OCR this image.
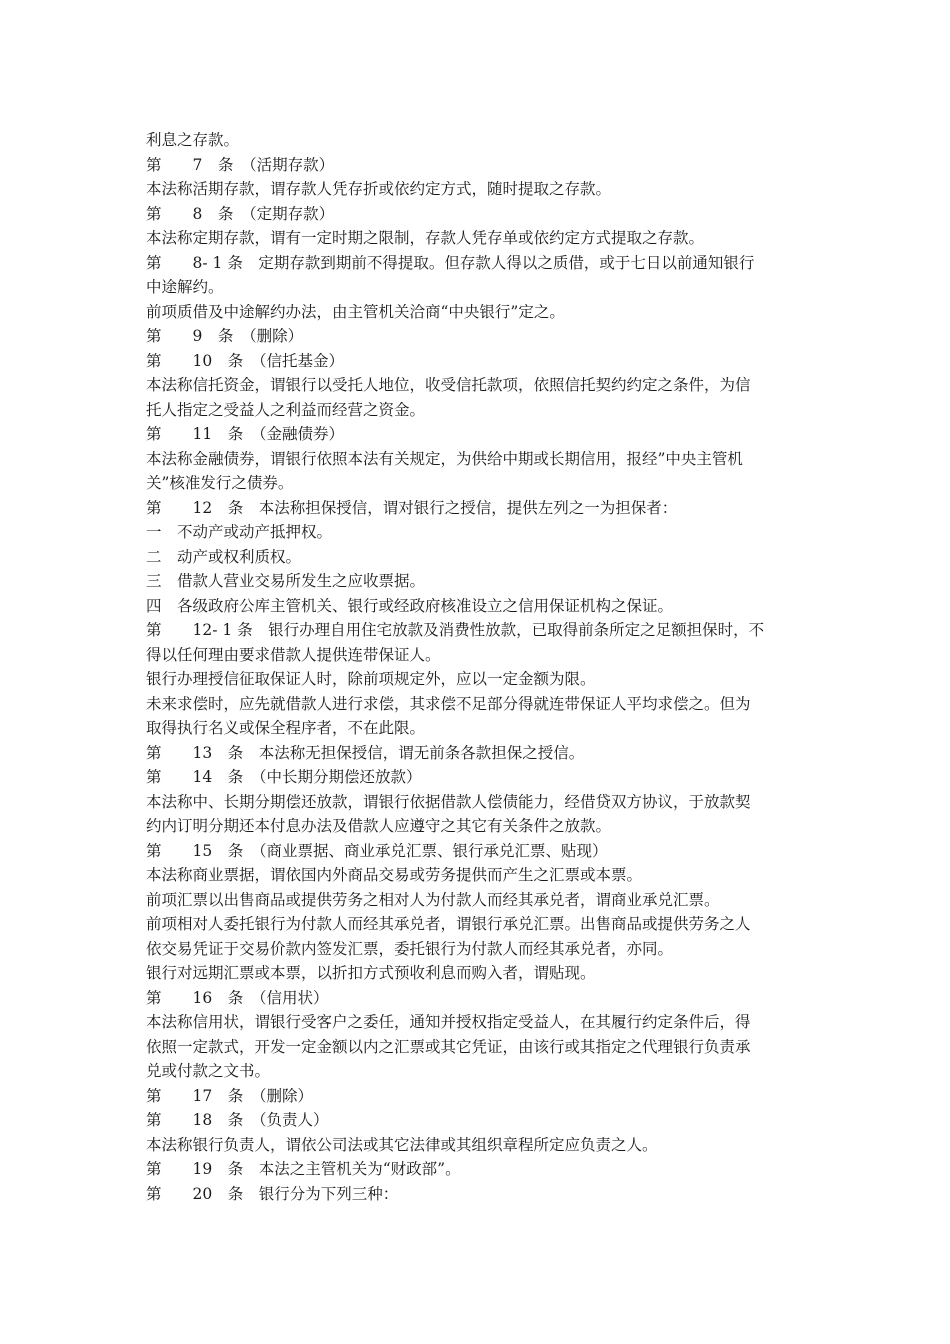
利息之存款。
第　　7　条　（活期存款）
本法称活期存款，谓存款人凭存折或依约定方式，随时提取之存款。
第　　8　条　（定期存款）
本法称定期存款，谓有一定时期之限制，存款人凭存单或依约定方式提取之存款。
第　　8- 1 条　定期存款到期前不得提取。但存款人得以之质借，或于七日以前通知银行
中途解约。
前项质借及中途解约办法，由主管机关洽商“中央银行”定之。
第　　9　条　（删除）
第　　10　条　（信托基金）
本法称信托资金，谓银行以受托人地位，收受信托款项，依照信托契约约定之条件，为信
托人指定之受益人之利益而经营之资金。
第　　11　条　（金融债券）
本法称金融债券，谓银行依照本法有关规定，为供给中期或长期信用，报经”中央主管机
关”核准发行之债券。
第　　12　条　本法称担保授信，谓对银行之授信，提供左列之一为担保者：
一　不动产或动产抵押权。
二　动产或权利质权。
三　借款人营业交易所发生之应收票据。
四　各级政府公库主管机关、银行或经政府核准设立之信用保证机构之保证。
第　　12- 1 条　银行办理自用住宅放款及消费性放款，已取得前条所定之足额担保时，不
得以任何理由要求借款人提供连带保证人。
银行办理授信征取保证人时，除前项规定外，应以一定金额为限。
未来求偿时，应先就借款人进行求偿，其求偿不足部分得就连带保证人平均求偿之。但为
取得执行名义或保全程序者，不在此限。
第　　13　条　本法称无担保授信，谓无前条各款担保之授信。
第　　14　条　（中长期分期偿还放款）
本法称中、长期分期偿还放款，谓银行依据借款人偿债能力，经借贷双方协议，于放款契
约内订明分期还本付息办法及借款人应遵守之其它有关条件之放款。
第　　15　条　（商业票据、商业承兑汇票、银行承兑汇票、贴现）
本法称商业票据，谓依国内外商品交易或劳务提供而产生之汇票或本票。
前项汇票以出售商品或提供劳务之相对人为付款人而经其承兑者，谓商业承兑汇票。
前项相对人委托银行为付款人而经其承兑者，谓银行承兑汇票。出售商品或提供劳务之人
依交易凭证于交易价款内签发汇票，委托银行为付款人而经其承兑者，亦同。
银行对远期汇票或本票，以折扣方式预收利息而购入者，谓贴现。
第　　16　条　（信用状）
本法称信用状，谓银行受客户之委任，通知并授权指定受益人，在其履行约定条件后，得
依照一定款式，开发一定金额以内之汇票或其它凭证，由该行或其指定之代理银行负责承
兑或付款之文书。
第　　17　条　（删除）
第　　18　条　（负责人）
本法称银行负责人，谓依公司法或其它法律或其组织章程所定应负责之人。
第　　19　条　本法之主管机关为“财政部”。
第　　20　条　银行分为下列三种：
